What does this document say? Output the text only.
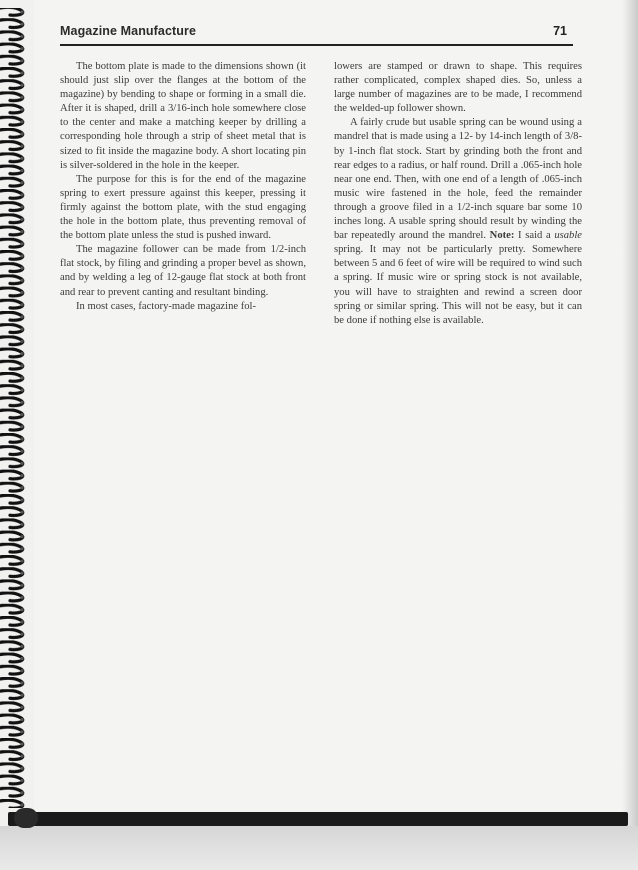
Magazine Manufacture	71

The bottom plate is made to the dimensions shown (it should just slip over the flanges at the bottom of the magazine) by bending to shape or forming in a small die. After it is shaped, drill a 3/16-inch hole somewhere close to the center and make a matching keeper by drilling a corresponding hole through a strip of sheet metal that is sized to fit inside the magazine body. A short locating pin is silver-soldered in the hole in the keeper.

The purpose for this is for the end of the magazine spring to exert pressure against this keeper, pressing it firmly against the bottom plate, with the stud engaging the hole in the bottom plate, thus preventing removal of the bottom plate unless the stud is pushed inward.

The magazine follower can be made from 1/2-inch flat stock, by filing and grinding a proper bevel as shown, and by welding a leg of 12-gauge flat stock at both front and rear to prevent canting and resultant binding.

In most cases, factory-made magazine fol-

lowers are stamped or drawn to shape. This requires rather complicated, complex shaped dies. So, unless a large number of magazines are to be made, I recommend the welded-up follower shown.

A fairly crude but usable spring can be wound using a mandrel that is made using a 12- by 14-inch length of 3/8- by 1-inch flat stock. Start by grinding both the front and rear edges to a radius, or half round. Drill a .065-inch hole near one end. Then, with one end of a length of .065-inch music wire fastened in the hole, feed the remainder through a groove filed in a 1/2-inch square bar some 10 inches long. A usable spring should result by winding the bar repeatedly around the mandrel. Note: I said a usable spring. It may not be particularly pretty. Somewhere between 5 and 6 feet of wire will be required to wind such a spring. If music wire or spring stock is not available, you will have to straighten and rewind a screen door spring or similar spring. This will not be easy, but it can be done if nothing else is available.
